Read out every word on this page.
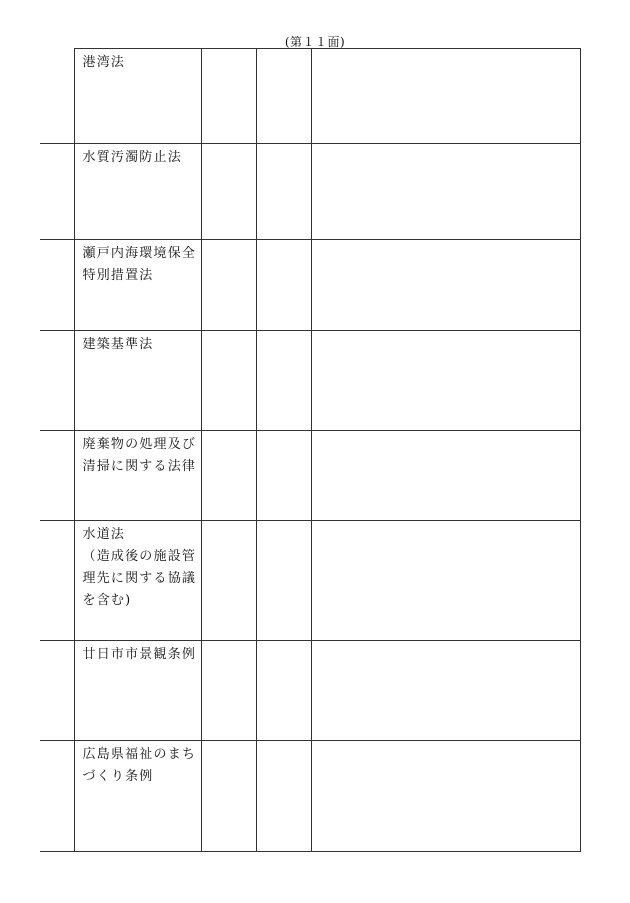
(第１１面)

	港湾法			

	水質汚濁防止法			

	瀬戸内海環境保全特別措置法			

	建築基準法			

	廃棄物の処理及び清掃に関する法律			

	水道法
（造成後の施設管理先に関する協議を含む)			

	廿日市市景観条例			

	広島県福祉のまちづくり条例			
